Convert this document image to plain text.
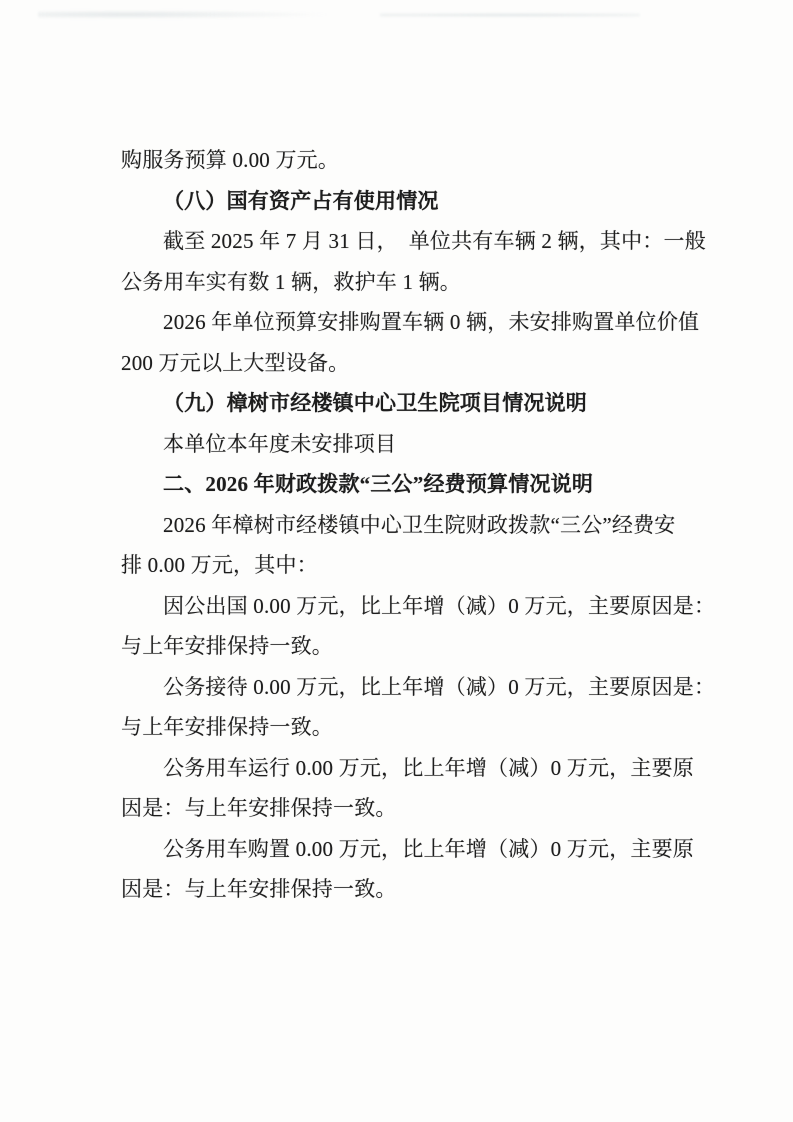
购服务预算 0.00 万元。
（八）国有资产占有使用情况
截至 2025 年 7 月 31 日，  单位共有车辆 2 辆，其中：一般
公务用车实有数 1 辆，救护车 1 辆。
2026 年单位预算安排购置车辆 0 辆，未安排购置单位价值
200 万元以上大型设备。
（九）樟树市经楼镇中心卫生院项目情况说明
本单位本年度未安排项目
二、2026 年财政拨款“三公”经费预算情况说明
2026 年樟树市经楼镇中心卫生院财政拨款“三公”经费安
排 0.00 万元，其中：
因公出国 0.00 万元，比上年增（减）0 万元，主要原因是：
与上年安排保持一致。
公务接待 0.00 万元，比上年增（减）0 万元，主要原因是：
与上年安排保持一致。
公务用车运行 0.00 万元，比上年增（减）0 万元，主要原
因是：与上年安排保持一致。
公务用车购置 0.00 万元，比上年增（减）0 万元，主要原
因是：与上年安排保持一致。
